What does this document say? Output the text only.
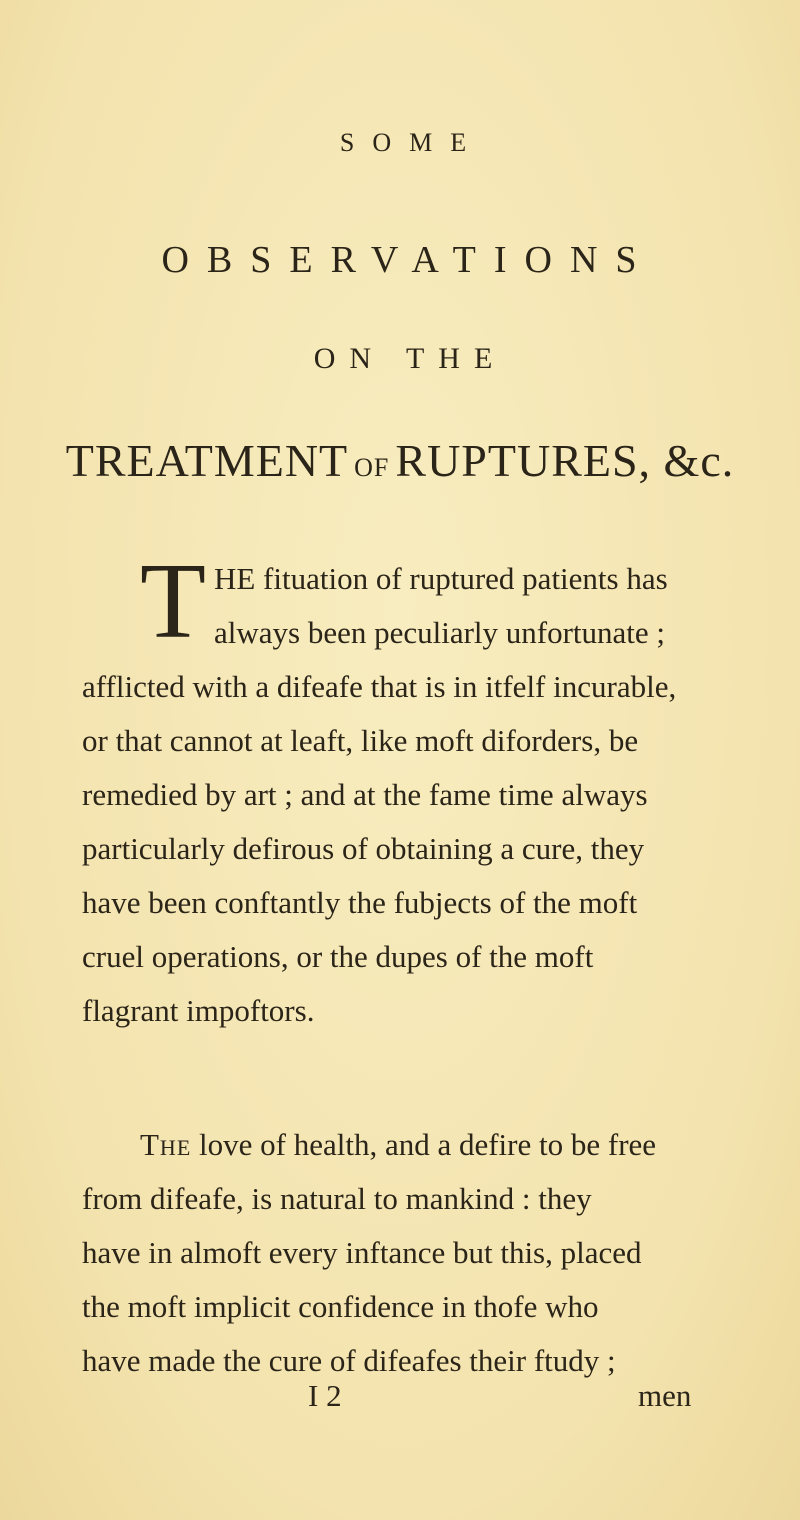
SOME
OBSERVATIONS
ON THE
TREATMENT OF RUPTURES, &c.
T HE fituation of ruptured patients has
always been peculiarly unfortunate ;
afflicted with a difeafe that is in itfelf incurable,
or that cannot at leaft, like moft diforders, be
remedied by art ; and at the fame time always
particularly defirous of obtaining a cure, they
have been conftantly the fubjects of the moft
cruel operations, or the dupes of the moft
flagrant impoftors.
The love of health, and a defire to be free
from difeafe, is natural to mankind : they
have in almoft every inftance but this, placed
the moft implicit confidence in thofe who
have made the cure of difeafes their ftudy ;
I 2	men
